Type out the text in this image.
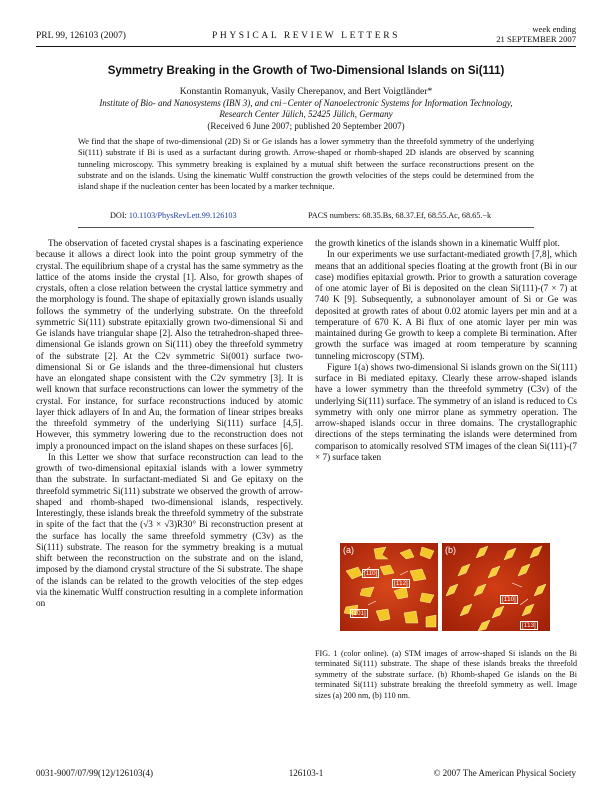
PRL 99, 126103 (2007)	PHYSICAL REVIEW LETTERS
week ending
21 SEPTEMBER 2007
Symmetry Breaking in the Growth of Two-Dimensional Islands on Si(111)
Konstantin Romanyuk, Vasily Cherepanov, and Bert Voigtländer*
Institute of Bio- and Nanosystems (IBN 3), and cni−Center of Nanoelectronic Systems for Information Technology,
Research Center Jülich, 52425 Jülich, Germany
(Received 6 June 2007; published 20 September 2007)
We find that the shape of two-dimensional (2D) Si or Ge islands has a lower symmetry than the threefold symmetry of the underlying Si(111) substrate if Bi is used as a surfactant during growth. Arrow-shaped or rhomb-shaped 2D islands are observed by scanning tunneling microscopy. This symmetry breaking is explained by a mutual shift between the surface reconstructions present on the substrate and on the islands. Using the kinematic Wulff construction the growth velocities of the steps could be determined from the island shape if the nucleation center has been located by a marker technique.
DOI: 10.1103/PhysRevLett.99.126103	PACS numbers: 68.35.Bs, 68.37.Ef, 68.55.Ac, 68.65.−k

The observation of faceted crystal shapes is a fascinating experience because it allows a direct look into the point group symmetry of the crystal. The equilibrium shape of a crystal has the same symmetry as the lattice of the atoms inside the crystal [1]. Also, for growth shapes of crystals, often a close relation between the crystal lattice symmetry and the morphology is found. The shape of epitaxially grown islands usually follows the symmetry of the underlying substrate. On the threefold symmetric Si(111) substrate epitaxially grown two-dimensional Si and Ge islands have triangular shape [2]. Also the tetrahedron-shaped three-dimensional Ge islands grown on Si(111) obey the threefold symmetry of the substrate [2]. At the C2v symmetric Si(001) surface two-dimensional Si or Ge islands and the three-dimensional hut clusters have an elongated shape consistent with the C2v symmetry [3]. It is well known that surface reconstructions can lower the symmetry of the crystal. For instance, for surface reconstructions induced by atomic layer thick adlayers of In and Au, the formation of linear stripes breaks the threefold symmetry of the underlying Si(111) surface [4,5]. However, this symmetry lowering due to the reconstruction does not imply a pronounced impact on the island shapes on these surfaces [6].

In this Letter we show that surface reconstruction can lead to the growth of two-dimensional epitaxial islands with a lower symmetry than the substrate. In surfactant-mediated Si and Ge epitaxy on the threefold symmetric Si(111) substrate we observed the growth of arrow-shaped and rhomb-shaped two-dimensional islands, respectively. Interestingly, these islands break the threefold symmetry of the substrate in spite of the fact that the (√3 × √3)R30° Bi reconstruction present at the surface has locally the same threefold symmetry (C3v) as the Si(111) substrate. The reason for the symmetry breaking is a mutual shift between the reconstruction on the substrate and on the island, imposed by the diamond crystal structure of the Si substrate. The shape of the islands can be related to the growth velocities of the step edges via the kinematic Wulff construction resulting in a complete information on

the growth kinetics of the islands shown in a kinematic Wulff plot.

In our experiments we use surfactant-mediated growth [7,8], which means that an additional species floating at the growth front (Bi in our case) modifies epitaxial growth. Prior to growth a saturation coverage of one atomic layer of Bi is deposited on the clean Si(111)-(7 × 7) at 740 K [9]. Subsequently, a subnonolayer amount of Si or Ge was deposited at growth rates of about 0.02 atomic layers per min and at a temperature of 670 K. A Bi flux of one atomic layer per min was maintained during Ge growth to keep a complete Bi termination. After growth the surface was imaged at room temperature by scanning tunneling microscopy (STM).

Figure 1(a) shows two-dimensional Si islands grown on the Si(111) surface in Bi mediated epitaxy. Clearly these arrow-shaped islands have a lower symmetry than the threefold symmetry (C3v) of the underlying Si(111) surface. The symmetry of an island is reduced to Cs symmetry with only one mirror plane as symmetry operation. The arrow-shaped islands occur in three domains. The crystallographic directions of the steps terminating the islands were determined from comparison to atomically resolved STM images of the clean Si(111)-(7 × 7) surface taken

(a)
[11̄0]
[1̄12]
[1̄01]
(b)
[1̄10]
[1̄13]
FIG. 1 (color online). (a) STM images of arrow-shaped Si islands on the Bi terminated Si(111) substrate. The shape of these islands breaks the threefold symmetry of the substrate surface. (b) Rhomb-shaped Ge islands on the Bi terminated Si(111) substrate breaking the threefold symmetry as well. Image sizes (a) 200 nm, (b) 110 nm.
0031-9007/07/99(12)/126103(4)	126103-1	© 2007 The American Physical Society
